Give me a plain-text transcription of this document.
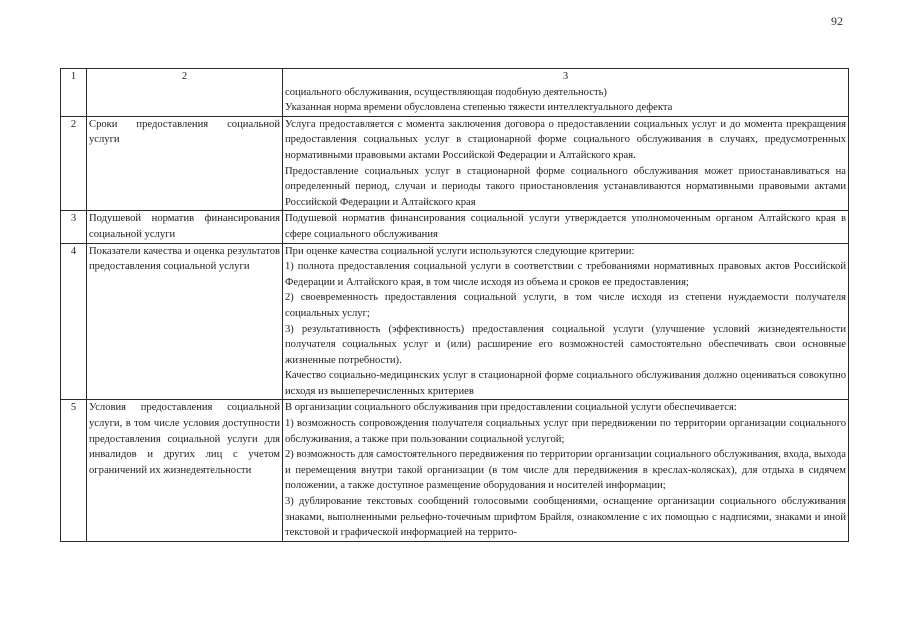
92
1	2	3
социального обслуживания, осуществляющая подобную деятельность)
Указанная норма времени обусловлена степенью тяжести интеллектуального дефекта

2	Сроки предоставления социальной услуги	Услуга предоставляется с момента заключения договора о предоставлении социальных услуг и до момента прекращения предоставления социальных услуг в стационарной форме социального обслуживания в случаях, предусмотренных нормативными правовыми актами Российской Федерации и Алтайского края.
Предоставление социальных услуг в стационарной форме социального обслуживания может приостанавливаться на определенный период, случаи и периоды такого приостановления устанавливаются нормативными правовыми актами Российской Федерации и Алтайского края

3	Подушевой норматив финансирования социальной услуги	Подушевой норматив финансирования социальной услуги утверждается уполномоченным органом Алтайского края в сфере социального обслуживания

4	Показатели качества и оценка результатов предоставления социальной услуги	При оценке качества социальной услуги используются следующие критерии:
1) полнота предоставления социальной услуги в соответствии с требованиями нормативных правовых актов Российской Федерации и Алтайского края, в том числе исходя из объема и сроков ее предоставления;
2) своевременность предоставления социальной услуги, в том числе исходя из степени нуждаемости получателя социальных услуг;
3) результативность (эффективность) предоставления социальной услуги (улучшение условий жизнедеятельности получателя социальных услуг и (или) расширение его возможностей самостоятельно обеспечивать свои основные жизненные потребности).
Качество социально-медицинских услуг в стационарной форме социального обслуживания должно оцениваться совокупно исходя из вышеперечисленных критериев

5	Условия предоставления социальной услуги, в том числе условия доступности предоставления социальной услуги для инвалидов и других лиц с учетом ограничений их жизнедеятельности	В организации социального обслуживания при предоставлении социальной услуги обеспечивается:
1) возможность сопровождения получателя социальных услуг при передвижении по территории организации социального обслуживания, а также при пользовании социальной услугой;
2) возможность для самостоятельного передвижения по территории организации социального обслуживания, входа, выхода и перемещения внутри такой организации (в том числе для передвижения в креслах-колясках), для отдыха в сидячем положении, а также доступное размещение оборудования и носителей информации;
3) дублирование текстовых сообщений голосовыми сообщениями, оснащение организации социального обслуживания знаками, выполненными рельефно-точечным шрифтом Брайля, ознакомление с их помощью с надписями, знаками и иной текстовой и графической информацией на террито-
